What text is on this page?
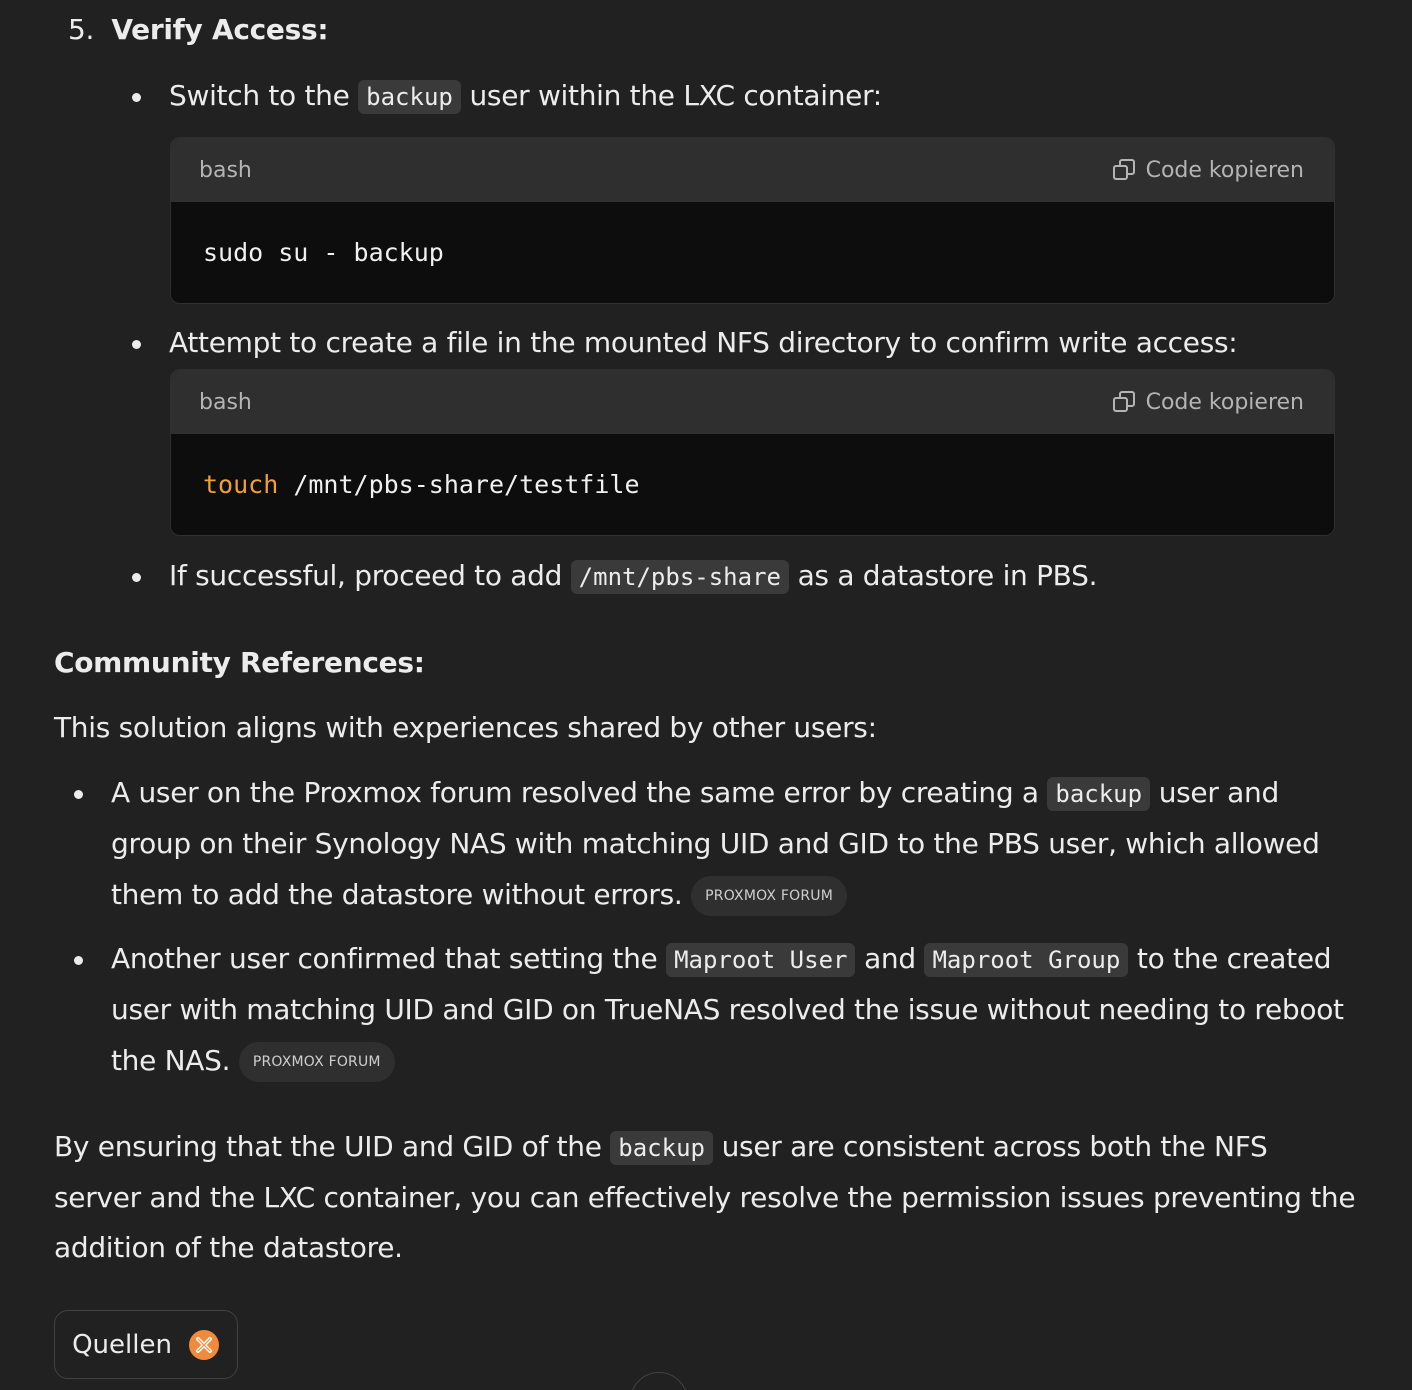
5. Verify Access:
Switch to the backup user within the LXC container:
bash	Code kopieren
sudo su - backup
Attempt to create a file in the mounted NFS directory to confirm write access:
bash	Code kopieren
touch /mnt/pbs-share/testfile
If successful, proceed to add /mnt/pbs-share as a datastore in PBS.
Community References:
This solution aligns with experiences shared by other users:
A user on the Proxmox forum resolved the same error by creating a backup user and
group on their Synology NAS with matching UID and GID to the PBS user, which allowed
them to add the datastore without errors. PROXMOX FORUM
Another user confirmed that setting the Maproot User and Maproot Group to the created
user with matching UID and GID on TrueNAS resolved the issue without needing to reboot
the NAS. PROXMOX FORUM
By ensuring that the UID and GID of the backup user are consistent across both the NFS
server and the LXC container, you can effectively resolve the permission issues preventing the
addition of the datastore.
Quellen
